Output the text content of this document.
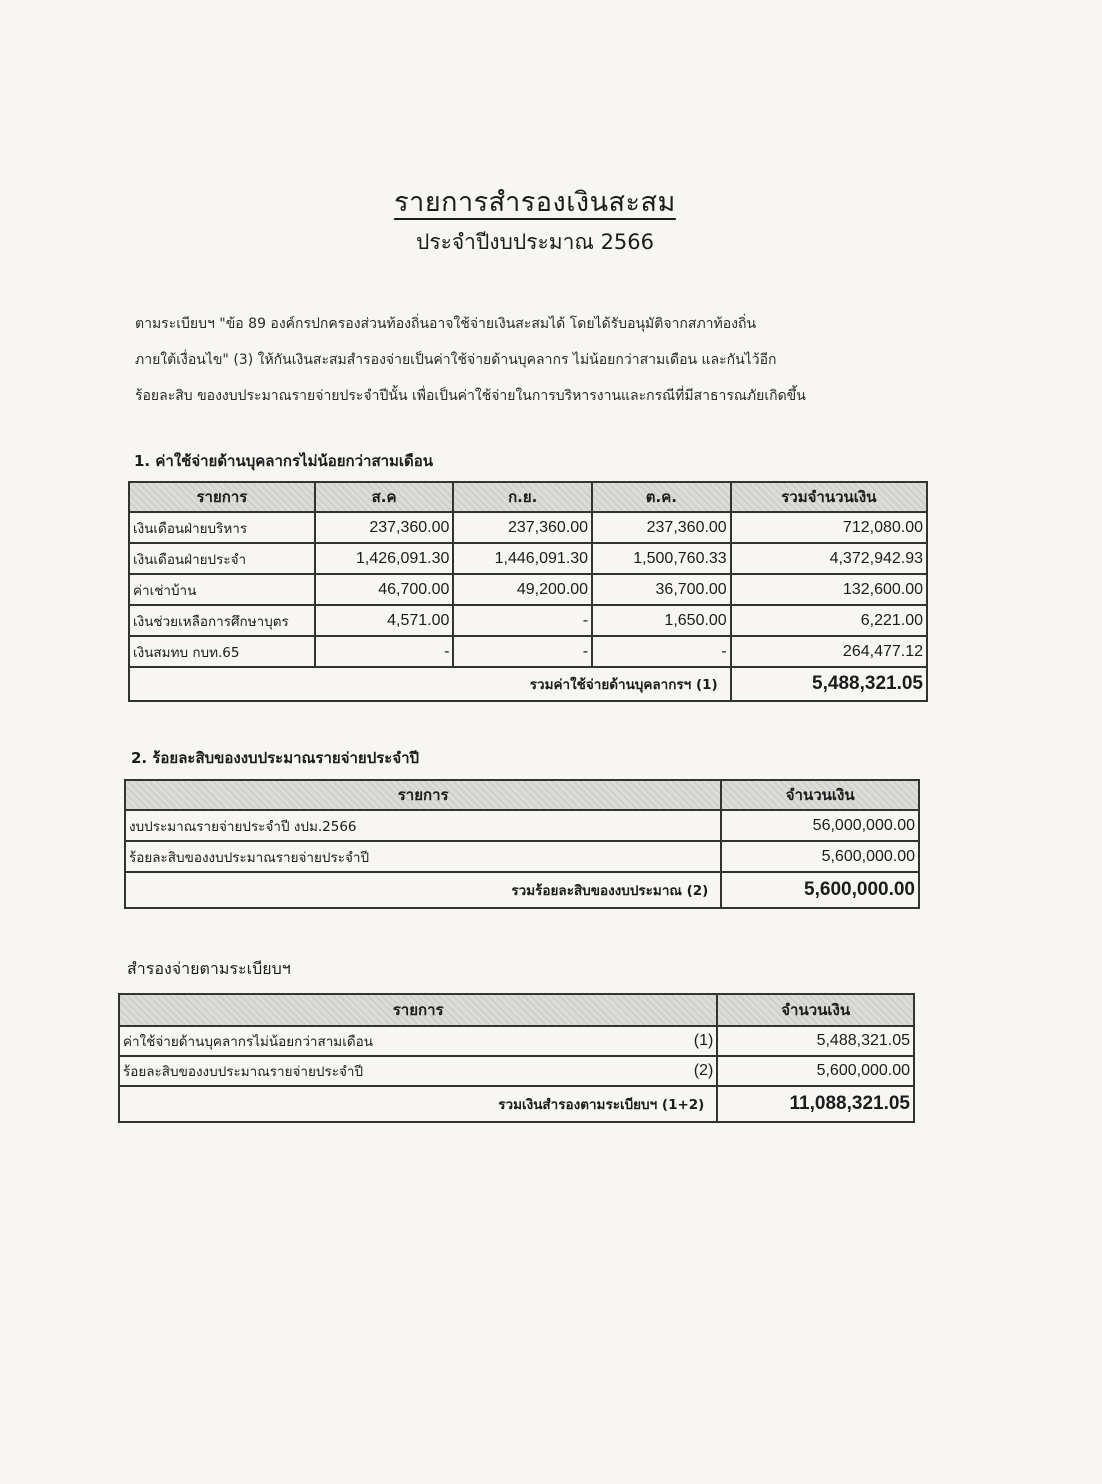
รายการสำรองเงินสะสม
ประจำปีงบประมาณ 2566

ตามระเบียบฯ "ข้อ 89 องค์กรปกครองส่วนท้องถิ่นอาจใช้จ่ายเงินสะสมได้ โดยได้รับอนุมัติจากสภาท้องถิ่น

ภายใต้เงื่อนไข" (3) ให้กันเงินสะสมสำรองจ่ายเป็นค่าใช้จ่ายด้านบุคลากร ไม่น้อยกว่าสามเดือน และกันไว้อีก

ร้อยละสิบ ของงบประมาณรายจ่ายประจำปีนั้น เพื่อเป็นค่าใช้จ่ายในการบริหารงานและกรณีที่มีสาธารณภัยเกิดขึ้น

1. ค่าใช้จ่ายด้านบุคลากรไม่น้อยกว่าสามเดือน
รายการ	ส.ค	ก.ย.	ต.ค.	รวมจำนวนเงิน
เงินเดือนฝ่ายบริหาร	237,360.00	237,360.00	237,360.00	712,080.00
เงินเดือนฝ่ายประจำ	1,426,091.30	1,446,091.30	1,500,760.33	4,372,942.93
ค่าเช่าบ้าน	46,700.00	49,200.00	36,700.00	132,600.00
เงินช่วยเหลือการศึกษาบุตร	4,571.00	-	1,650.00	6,221.00
เงินสมทบ กบท.65	-	-	-	264,477.12
รวมค่าใช้จ่ายด้านบุคลากรฯ (1)				5,488,321.05
2. ร้อยละสิบของงบประมาณรายจ่ายประจำปี
รายการ	จำนวนเงิน
งบประมาณรายจ่ายประจำปี งปม.2566	56,000,000.00
ร้อยละสิบของงบประมาณรายจ่ายประจำปี	5,600,000.00
รวมร้อยละสิบของงบประมาณ (2)	5,600,000.00
สำรองจ่ายตามระเบียบฯ
รายการ		จำนวนเงิน
ค่าใช้จ่ายด้านบุคลากรไม่น้อยกว่าสามเดือน	(1)	5,488,321.05
ร้อยละสิบของงบประมาณรายจ่ายประจำปี	(2)	5,600,000.00
รวมเงินสำรองตามระเบียบฯ (1+2)		11,088,321.05
